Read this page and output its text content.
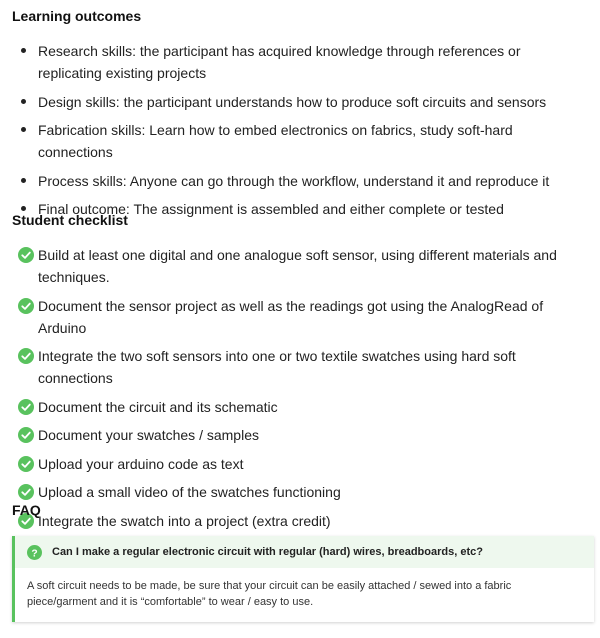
Learning outcomes
Research skills: the participant has acquired knowledge through references or replicating existing projects
Design skills: the participant understands how to produce soft circuits and sensors
Fabrication skills: Learn how to embed electronics on fabrics, study soft-hard connections
Process skills: Anyone can go through the workflow, understand it and reproduce it
Final outcome: The assignment is assembled and either complete or tested
Student checklist
Build at least one digital and one analogue soft sensor, using different materials and techniques.
Document the sensor project as well as the readings got using the AnalogRead of Arduino
Integrate the two soft sensors into one or two textile swatches using hard soft connections
Document the circuit and its schematic
Document your swatches / samples
Upload your arduino code as text
Upload a small video of the swatches functioning
Integrate the swatch into a project (extra credit)
FAQ
? Can I make a regular electronic circuit with regular (hard) wires, breadboards, etc?
A soft circuit needs to be made, be sure that your circuit can be easily attached / sewed into a fabric piece/garment and it is “comfortable” to wear / easy to use.
